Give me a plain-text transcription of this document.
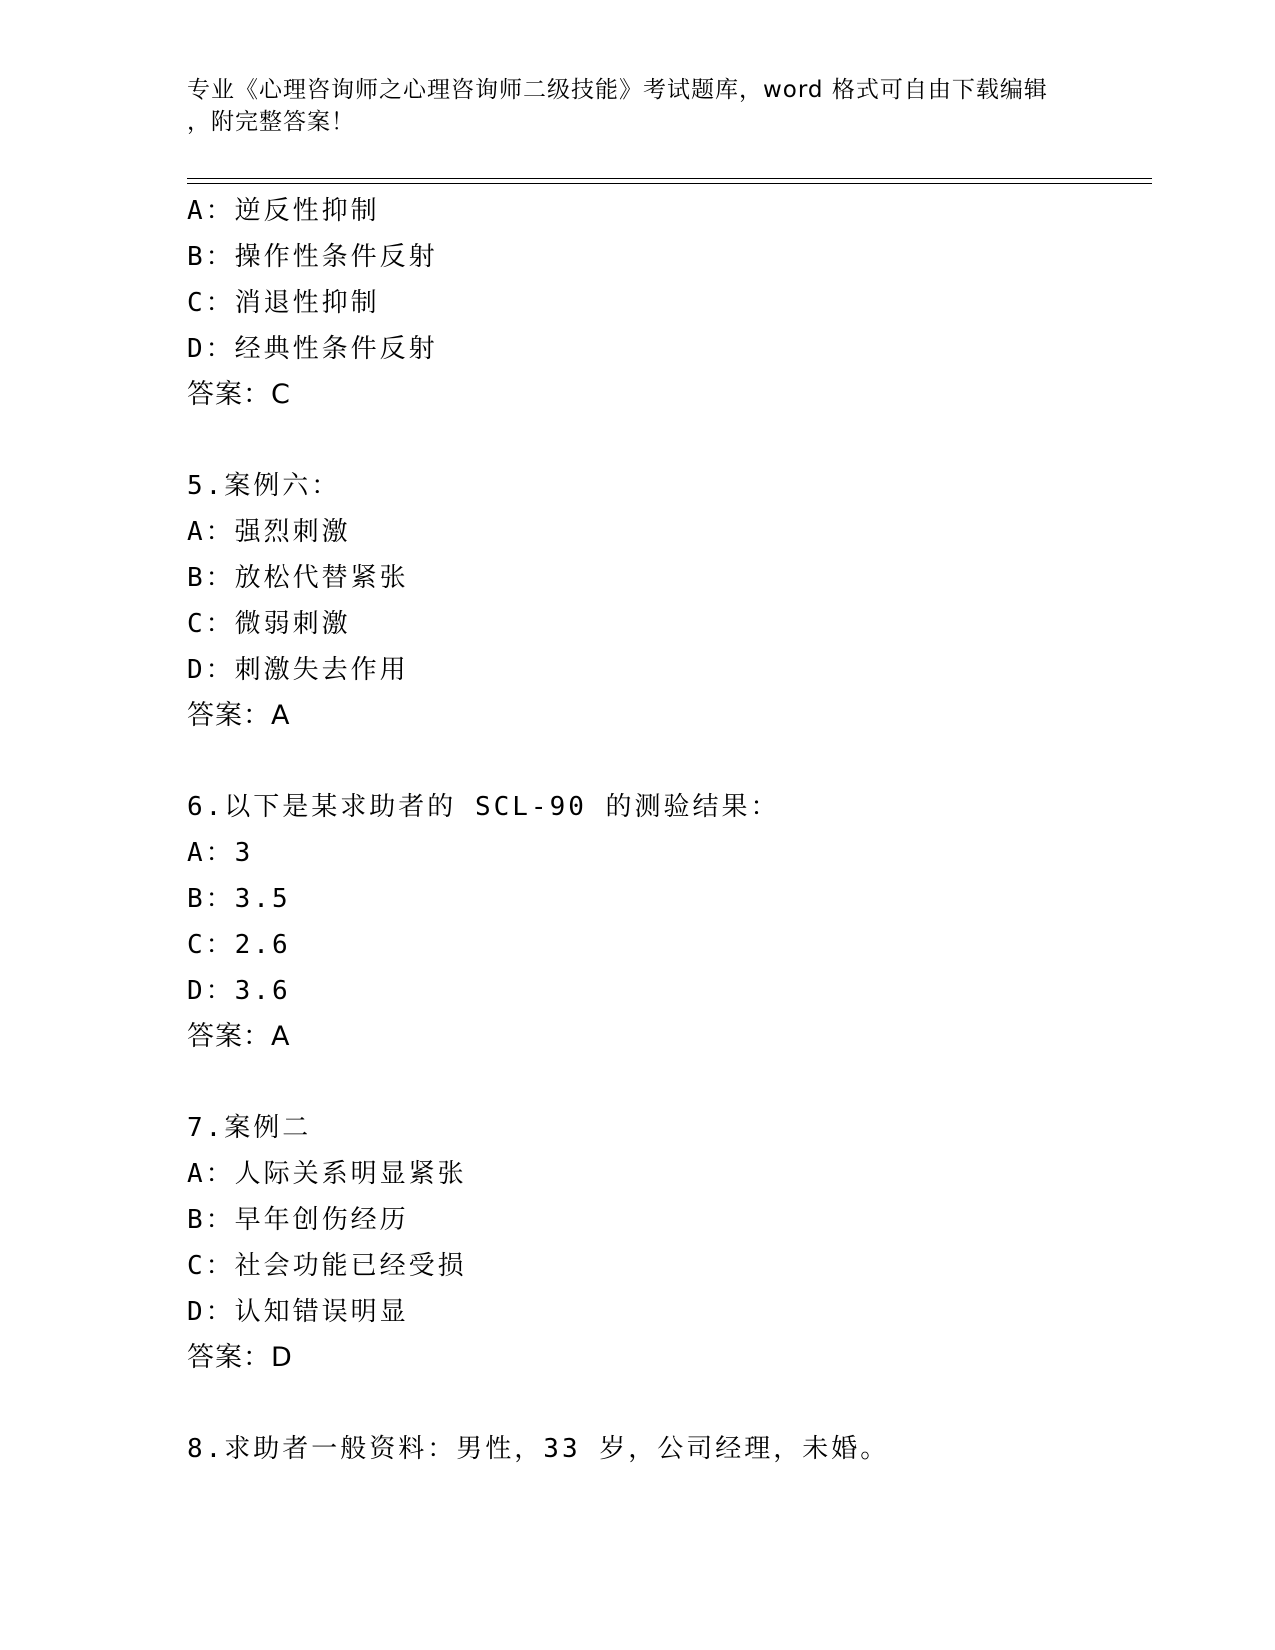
专业《心理咨询师之心理咨询师二级技能》考试题库，word 格式可自由下载编辑
，附完整答案！
A：逆反性抑制
B：操作性条件反射
C：消退性抑制
D：经典性条件反射
答案：C
5.案例六：
A：强烈刺激
B：放松代替紧张
C：微弱刺激
D：刺激失去作用
答案：A
6.以下是某求助者的 SCL-90 的测验结果：
A：3
B：3.5
C：2.6
D：3.6
答案：A
7.案例二
A：人际关系明显紧张
B：早年创伤经历
C：社会功能已经受损
D：认知错误明显
答案：D
8.求助者一般资料：男性，33 岁，公司经理，未婚。
